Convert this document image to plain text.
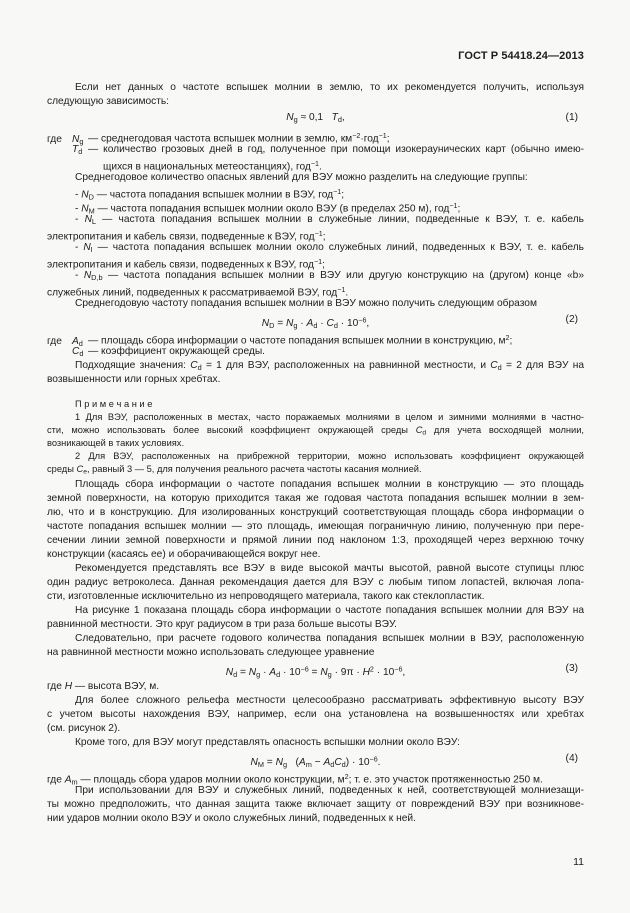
ГОСТ Р 54418.24—2013
Если нет данных о частоте вспышек молнии в землю, то их рекомендуется получить, используя
следующую зависимость:
Ng ≈ 0,1   Td,	(1)
где Ng — среднегодовая частота вспышек молнии в землю, $км^{-2}\cdot год^{-1}$;
Td — количество грозовых дней в год, полученное при помощи изокераунических карт (обычно имею-
щихся в национальных метеостанциях), год$^{-1}$.
Среднегодовое количество опасных явлений для ВЭУ можно разделить на следующие группы:
- ND — частота попадания вспышек молнии в ВЭУ, год$^{-1}$;
- NM — частота попадания вспышек молнии около ВЭУ (в пределах 250 м), год$^{-1}$;
- NL — частота попадания вспышек молнии в служебные линии, подведенные к ВЭУ, т. е. кабель
электропитания и кабель связи, подведенные к ВЭУ, год$^{-1}$;
- NI — частота попадания вспышек молнии около служебных линий, подведенных к ВЭУ, т. е. кабель
электропитания и кабель связи, подведенных к ВЭУ, год$^{-1}$;
- ND,b — частота попадания вспышек молнии в ВЭУ или другую конструкцию на (другом) конце «b»
служебных линий, подведенных к рассматриваемой ВЭУ, год$^{-1}$.
Среднегодовую частоту попадания вспышек молнии в ВЭУ можно получить следующим образом
ND = $Ng \cdot Ad \cdot Cd \cdot 10^{-6}$,	(2)
где Ad — площадь сбора информации о частоте попадания вспышек молнии в конструкцию, $м^2$;
Cd — коэффициент окружающей среды.
Подходящие значения: Cd = 1 для ВЭУ, расположенных на равнинной местности, и Cd = 2 для ВЭУ на
возвышенности или горных хребтах.
П р и м е ч а н и е
1 Для ВЭУ, расположенных в местах, часто поражаемых молниями в целом и зимними молниями в частно-
сти, можно использовать более высокий коэффициент окружающей среды Cd для учета восходящей молнии,
возникающей в таких условиях.
2 Для ВЭУ, расположенных на прибрежной территории, можно использовать коэффициент окружающей
среды Ce, равный 3 — 5, для получения реального расчета частоты касания молнией.
Площадь сбора информации о частоте попадания вспышек молнии в конструкцию — это площадь
земной поверхности, на которую приходится такая же годовая частота попадания вспышек молнии в зем-
лю, что и в конструкцию. Для изолированных конструкций соответствующая площадь сбора информации о
частоте попадания вспышек молнии — это площадь, имеющая пограничную линию, полученную при пере-
сечении линии земной поверхности и прямой линии под наклоном 1:3, проходящей через верхнюю точку
конструкции (касаясь ее) и оборачивающейся вокруг нее.
Рекомендуется представлять все ВЭУ в виде высокой мачты высотой, равной высоте ступицы плюс
один радиус ветроколеса. Данная рекомендация дается для ВЭУ с любым типом лопастей, включая лопа-
сти, изготовленные исключительно из непроводящего материала, такого как стеклопластик.
На рисунке 1 показана площадь сбора информации о частоте попадания вспышек молнии для ВЭУ на
равнинной местности. Это круг радиусом в три раза больше высоты ВЭУ.
Следовательно, при расчете годового количества попадания вспышек молнии в ВЭУ, расположенную
на равнинной местности можно использовать следующее уравнение
$Nd = Ng \cdot Ad \cdot 10^{-6} = Ng \cdot 9\pi \cdot H^2 \cdot 10^{-6}$,	(3)
где H — высота ВЭУ, м.
Для более сложного рельефа местности целесообразно рассматривать эффективную высоту ВЭУ
с учетом высоты нахождения ВЭУ, например, если она установлена на возвышенностях или хребтах
(см. рисунок 2).
Кроме того, для ВЭУ могут представлять опасность вспышки молнии около ВЭУ:
NM = Ng   (Am − AdCd) · $10^{-6}$.	(4)
где Am — площадь сбора ударов молнии около конструкции, $м^2$; т. е. это участок протяженностью 250 м.
При использовании для ВЭУ и служебных линий, подведенных к ней, соответствующей молниезащи-
ты можно предположить, что данная защита также включает защиту от повреждений ВЭУ при возникнове-
нии ударов молнии около ВЭУ и около служебных линий, подведенных к ней.
11
